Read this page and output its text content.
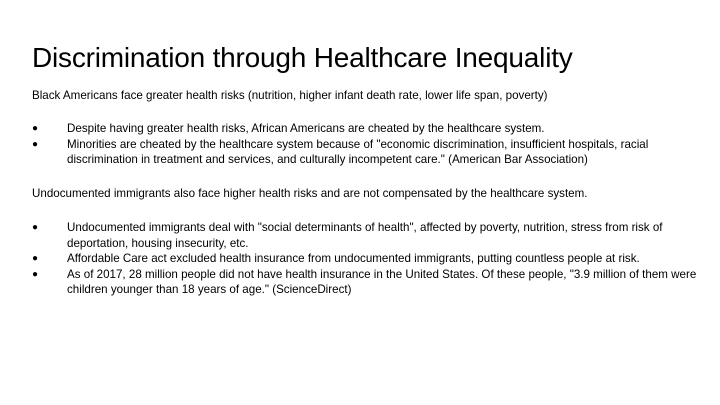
Discrimination through Healthcare Inequality

Black Americans face greater health risks (nutrition, higher infant death rate, lower life span, poverty)

●	Despite having greater health risks, African Americans are cheated by the healthcare system.
●	Minorities are cheated by the healthcare system because of "economic discrimination, insufficient hospitals, racial discrimination in treatment and services, and culturally incompetent care." (American Bar Association)

Undocumented immigrants also face higher health risks and are not compensated by the healthcare system.

●	Undocumented immigrants deal with "social determinants of health", affected by poverty, nutrition, stress from risk of deportation, housing insecurity, etc.
●	Affordable Care act excluded health insurance from undocumented immigrants, putting countless people at risk.
●	As of 2017, 28 million people did not have health insurance in the United States. Of these people, "3.9 million of them were children younger than 18 years of age." (ScienceDirect)
